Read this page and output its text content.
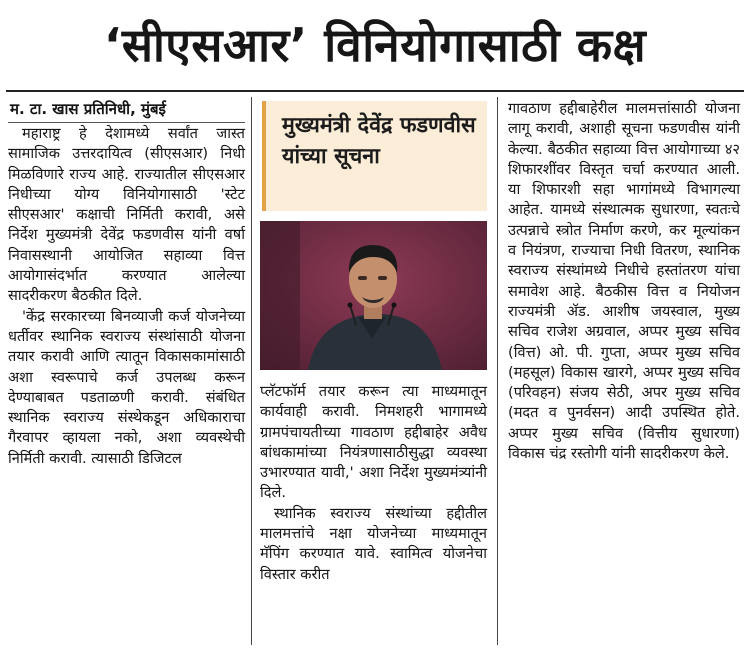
‘सीएसआर’ विनियोगासाठी कक्ष
म. टा. खास प्रतिनिधी, मुंबई

महाराष्ट्र हे देशामध्ये सर्वांत जास्त सामाजिक उत्तरदायित्व (सीएसआर) निधी मिळविणारे राज्य आहे. राज्यातील सीएसआर निधीच्या योग्य विनियोगासाठी 'स्टेट सीएसआर' कक्षाची निर्मिती करावी, असे निर्देश मुख्यमंत्री देवेंद्र फडणवीस यांनी वर्षा निवासस्थानी आयोजित सहाव्या वित्त आयोगासंदर्भात करण्यात आलेल्या सादरीकरण बैठकीत दिले.

'केंद्र सरकारच्या बिनव्याजी कर्ज योजनेच्या धर्तीवर स्थानिक स्वराज्य संस्थांसाठी योजना तयार करावी आणि त्यातून विकासकामांसाठी अशा स्वरूपाचे कर्ज उपलब्ध करून देण्याबाबत पडताळणी करावी. संबंधित स्थानिक स्वराज्य संस्थेकडून अधिकाराचा गैरवापर व्हायला नको, अशा व्यवस्थेची निर्मिती करावी. त्यासाठी डिजिटल

मुख्यमंत्री देवेंद्र फडणवीस यांच्या सूचना

प्लॅटफॉर्म तयार करून त्या माध्यमातून कार्यवाही करावी. निमशहरी भागामध्ये ग्रामपंचायतीच्या गावठाण हद्दीबाहेर अवैध बांधकामांच्या नियंत्रणासाठीसुद्धा व्यवस्था उभारण्यात यावी,' अशा निर्देश मुख्यमंत्र्यांनी दिले.

स्थानिक स्वराज्य संस्थांच्या हद्दीतील मालमत्तांचे नक्षा योजनेच्या माध्यमातून मॅपिंग करण्यात यावे. स्वामित्व योजनेचा विस्तार करीत

गावठाण हद्दीबाहेरील मालमत्तांसाठी योजना लागू करावी, अशाही सूचना फडणवीस यांनी केल्या. बैठकीत सहाव्या वित्त आयोगाच्या ४२ शिफारशींवर विस्तृत चर्चा करण्यात आली. या शिफारशी सहा भागांमध्ये विभागल्या आहेत. यामध्ये संस्थात्मक सुधारणा, स्वतःचे उत्पन्नाचे स्त्रोत निर्माण करणे, कर मूल्यांकन व नियंत्रण, राज्याचा निधी वितरण, स्थानिक स्वराज्य संस्थांमध्ये निधीचे हस्तांतरण यांचा समावेश आहे. बैठकीस वित्त व नियोजन राज्यमंत्री ॲड. आशीष जयस्वाल, मुख्य सचिव राजेश अग्रवाल, अप्पर मुख्य सचिव (वित्त) ओ. पी. गुप्ता, अप्पर मुख्य सचिव (महसूल) विकास खारगे, अप्पर मुख्य सचिव (परिवहन) संजय सेठी, अपर मुख्य सचिव (मदत व पुनर्वसन) आदी उपस्थित होते. अप्पर मुख्य सचिव (वित्तीय सुधारणा) विकास चंद्र रस्तोगी यांनी सादरीकरण केले.
